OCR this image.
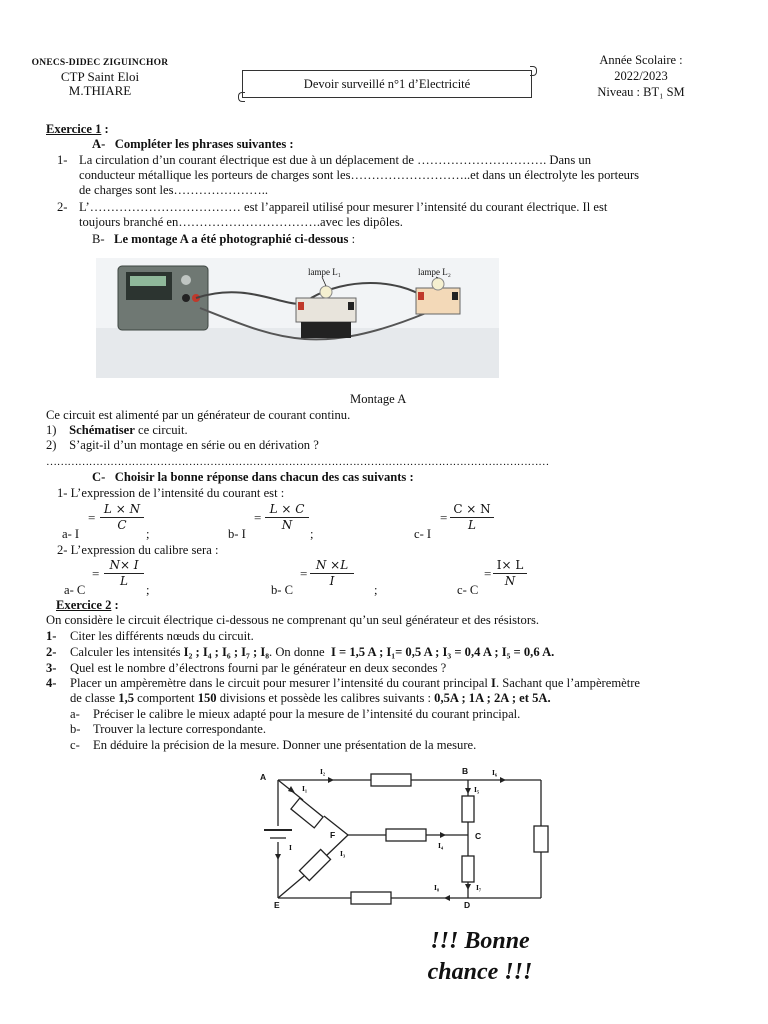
ONECS-DIDEC ZIGUINCHOR
CTP Saint Eloi
M.THIARE	Devoir surveillé n°1 d’Electricité
Année Scolaire :
2022/2023
Niveau : BT₁ SM
Exercice 1 :
A- Compléter les phrases suivantes :
1- La circulation d’un courant électrique est due à un déplacement de …………………………. Dans un
conducteur métallique les porteurs de charges sont les………………………..et dans un électrolyte les porteurs
de charges sont les…………………..
2- L’……………………………… est l’appareil utilisé pour mesurer l’intensité du courant électrique. Il est
toujours branché en…………………………….avec les dipôles.
B- Le montage A a été photographié ci-dessous :
lampe L₁	lampe L₂
Montage A
Ce circuit est alimenté par un générateur de courant continu.
1) Schématiser ce circuit.
2) S’agit-il d’un montage en série ou en dérivation ?
……………………………………………………………………………………………………………………………
C- Choisir la bonne réponse dans chacun des cas suivants :
1- L’expression de l’intensité du courant est :
a- I
= $\frac{L \times N}{C}$
;	b- I
= $\frac{L \times C}{N}$
;	c- I
= $\frac{C \times N}{L}$
2- L’expression du calibre sera :
a- C
= $\frac{N\times I}{L}$
;	b- C
= $\frac{N \times L}{I}$
;	c- C
= $\frac{I\times L}{N}$
Exercice 2 :
On considère le circuit électrique ci-dessous ne comprenant qu’un seul générateur et des résistors.
1- Citer les différents nœuds du circuit.
2- Calculer les intensités I₂ ; I₄ ; I₆ ; I₇ ; I₈. On donne I = 1,5 A ; I₁= 0,5 A ; I₃ = 0,4 A ; I₅ = 0,6 A.
3- Quel est le nombre d’électrons fourni par le générateur en deux secondes ?
4- Placer un ampèremètre dans le circuit pour mesurer l’intensité du courant principal I. Sachant que l’ampèremètre
de classe 1,5 comportent 150 divisions et possède les calibres suivants : 0,5A ; 1A ; 2A ; et 5A.
a- Préciser le calibre le mieux adapté pour la mesure de l’intensité du courant principal.
b- Trouver la lecture correspondante.
c- En déduire la précision de la mesure. Donner une présentation de la mesure.
A
B
C
D
E
F
I₂	I₆
I₁	I₅
I	I₄
I₃
I₈	I₇
!!! Bonne
chance !!!
